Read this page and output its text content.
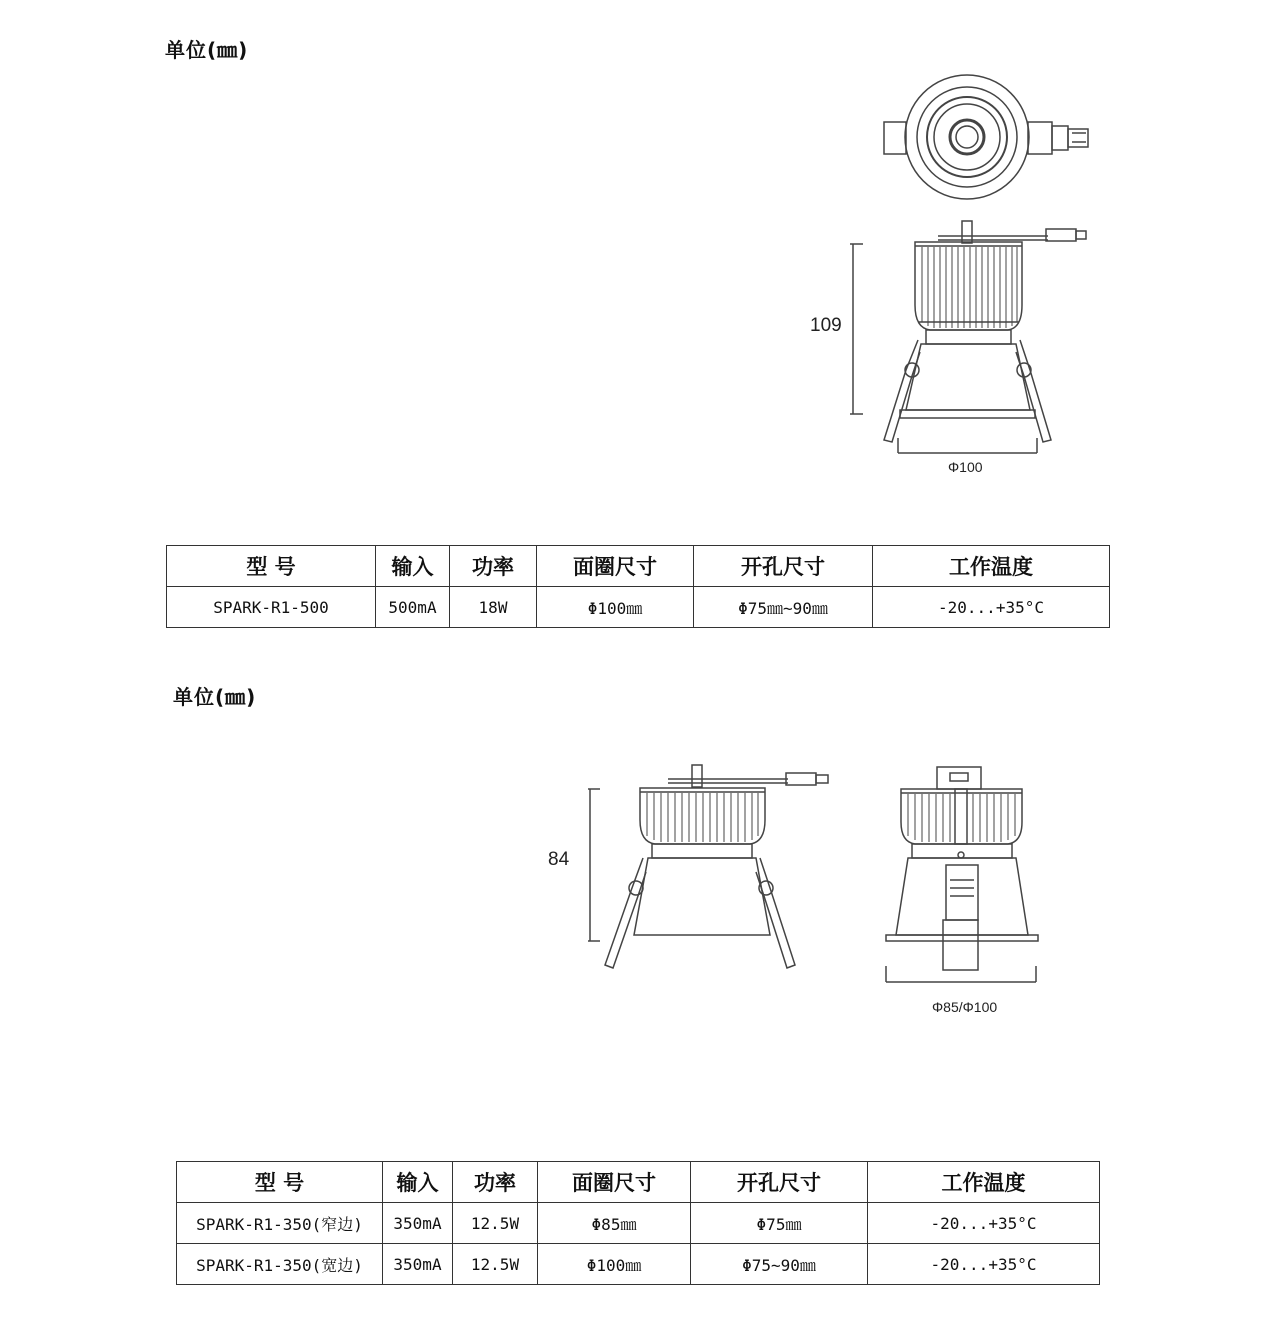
单位(㎜)
109
Φ100
型 号	输入	功率	面圈尺寸	开孔尺寸	工作温度
SPARK-R1-500	500mA	18W	Φ100㎜	Φ75㎜~90㎜	-20...+35°C
单位(㎜)
84
Φ85/Φ100
型 号	输入	功率	面圈尺寸	开孔尺寸	工作温度
SPARK-R1-350(窄边)	350mA	12.5W	Φ85㎜	Φ75㎜	-20...+35°C
SPARK-R1-350(宽边)	350mA	12.5W	Φ100㎜	Φ75~90㎜	-20...+35°C
